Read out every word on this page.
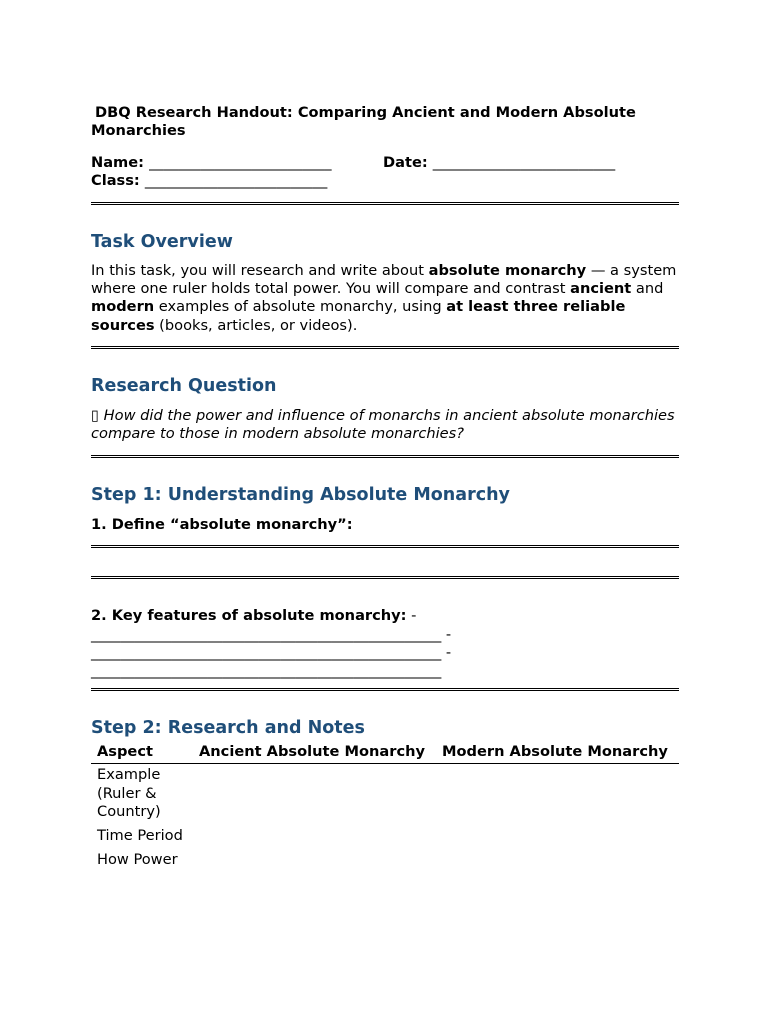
DBQ Research Handout: Comparing Ancient and Modern Absolute
Monarchies

Name: _________________________	Date: _________________________
Class: _________________________
Task Overview

In this task, you will research and write about absolute monarchy — a system where one ruler holds total power. You will compare and contrast ancient and modern examples of absolute monarchy, using at least three reliable sources (books, articles, or videos).

Research Question

▯ How did the power and influence of monarchs in ancient absolute monarchies compare to those in modern absolute monarchies?

Step 1: Understanding Absolute Monarchy

1. Define “absolute monarchy”:

2. Key features of absolute monarchy: -
________________________________________________ -
________________________________________________ -
________________________________________________
Step 2: Research and Notes
Aspect	Ancient Absolute Monarchy	Modern Absolute Monarchy
Example (Ruler & Country)		
Time Period		
How Power		
